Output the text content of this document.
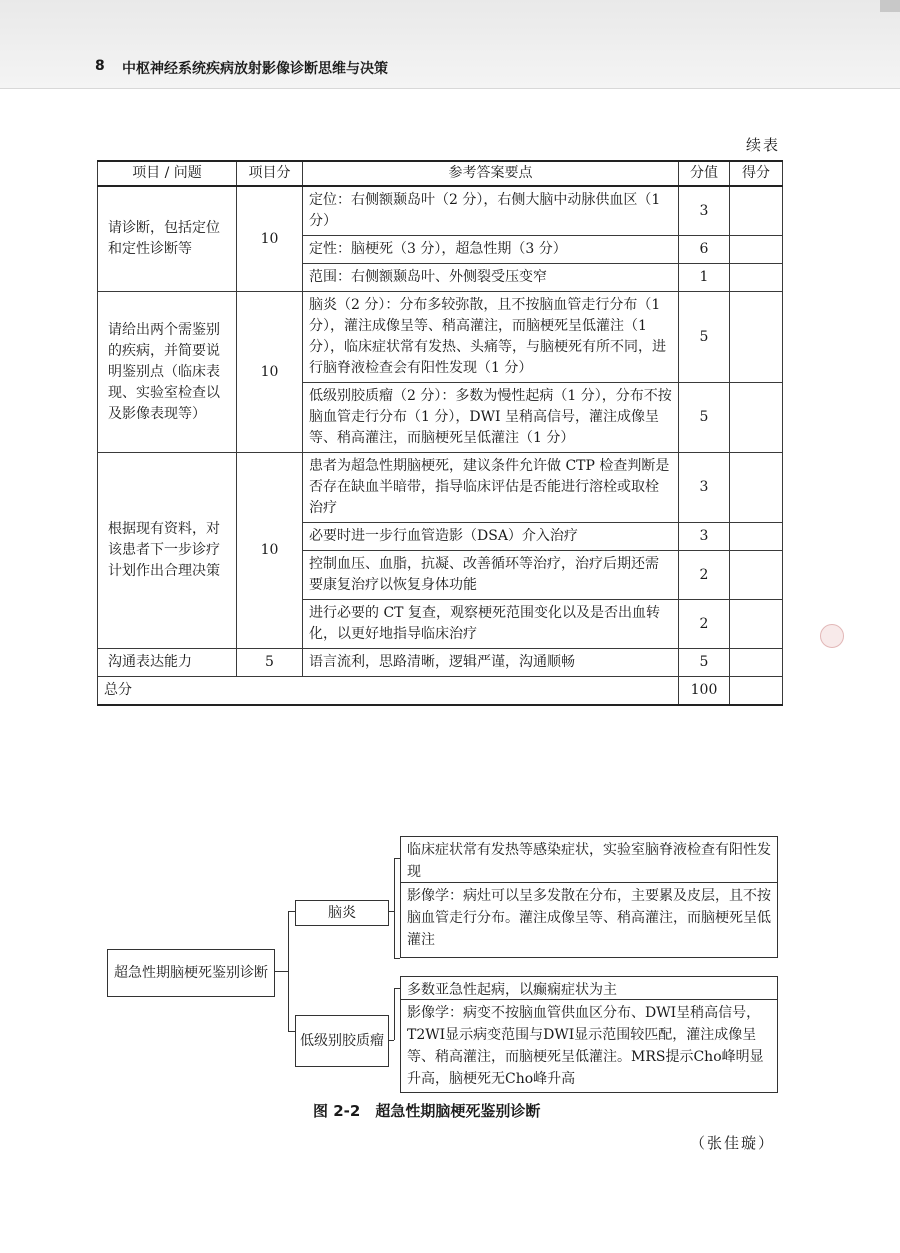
8 中枢神经系统疾病放射影像诊断思维与决策
续表
项目 / 问题	项目分	参考答案要点	分值	得分
请诊断，包括定位和定性诊断等	10	定位：右侧额颞岛叶（2 分），右侧大脑中动脉供血区（1 分）	3	
		定性：脑梗死（3 分），超急性期（3 分）	6	
		范围：右侧额颞岛叶、外侧裂受压变窄	1	
请给出两个需鉴别的疾病，并简要说明鉴别点（临床表现、实验室检查以及影像表现等）	10	脑炎（2 分）：分布多较弥散，且不按脑血管走行分布（1 分），灌注成像呈等、稍高灌注，而脑梗死呈低灌注（1 分），临床症状常有发热、头痛等，与脑梗死有所不同，进行脑脊液检查会有阳性发现（1 分）	5	
		低级别胶质瘤（2 分）：多数为慢性起病（1 分），分布不按脑血管走行分布（1 分），DWI 呈稍高信号，灌注成像呈等、稍高灌注，而脑梗死呈低灌注（1 分）	5	
根据现有资料，对该患者下一步诊疗计划作出合理决策	10	患者为超急性期脑梗死，建议条件允许做 CTP 检查判断是否存在缺血半暗带，指导临床评估是否能进行溶栓或取栓治疗	3	
		必要时进一步行血管造影（DSA）介入治疗	3	
		控制血压、血脂，抗凝、改善循环等治疗，治疗后期还需要康复治疗以恢复身体功能	2	
		进行必要的 CT 复查，观察梗死范围变化以及是否出血转化，以更好地指导临床治疗	2	
沟通表达能力	5	语言流利，思路清晰，逻辑严谨，沟通顺畅	5	
总分			100	
超急性期脑梗死鉴别诊断
脑炎
低级别胶质瘤
临床症状常有发热等感染症状，实验室脑脊液检查有阳性发现
影像学：病灶可以呈多发散在分布，主要累及皮层，且不按脑血管走行分布。灌注成像呈等、稍高灌注，而脑梗死呈低灌注
多数亚急性起病，以癫痫症状为主
影像学：病变不按脑血管供血区分布、DWI呈稍高信号，T2WI显示病变范围与DWI显示范围较匹配，灌注成像呈等、稍高灌注，而脑梗死呈低灌注。MRS提示Cho峰明显升高，脑梗死无Cho峰升高
图 2-2　超急性期脑梗死鉴别诊断
（张佳璇）
